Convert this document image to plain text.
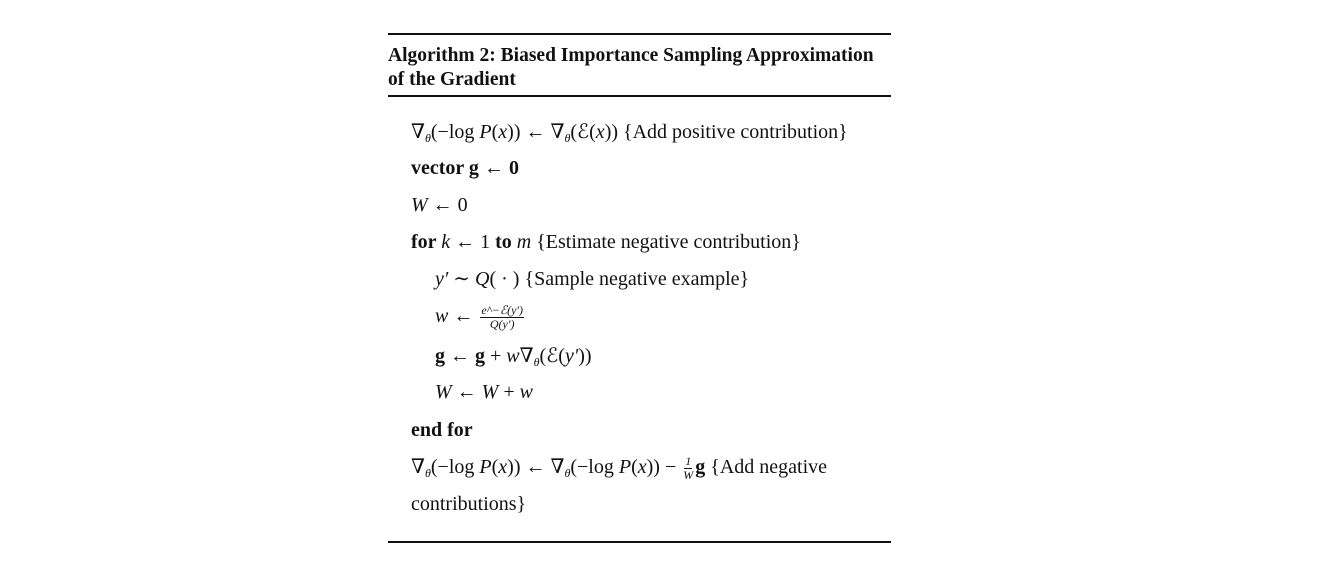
Algorithm 2: Biased Importance Sampling Approximation
of the Gradient
$\nabla_\theta(-\log$ P(x)) ← $\nabla_\theta(ℰ(x))$ {Add positive contribution}
vector g ← 0
W ← 0
for k ← 1 to m {Estimate negative contribution}
y′ ∼ Q( · ) {Sample negative example}
w ← $\frac{\text{e\textasciicircum{}−ℰ(y′)}}{Q(y')}$
g ← $g + w\nabla_\theta(ℰ(y'))$
W ← W + w
end for
$\nabla_\theta(-\log$ P(x)) ← $\nabla_\theta(-\log$ $P(x)) - \frac{1}{W}$ g {Add negative
contributions}
